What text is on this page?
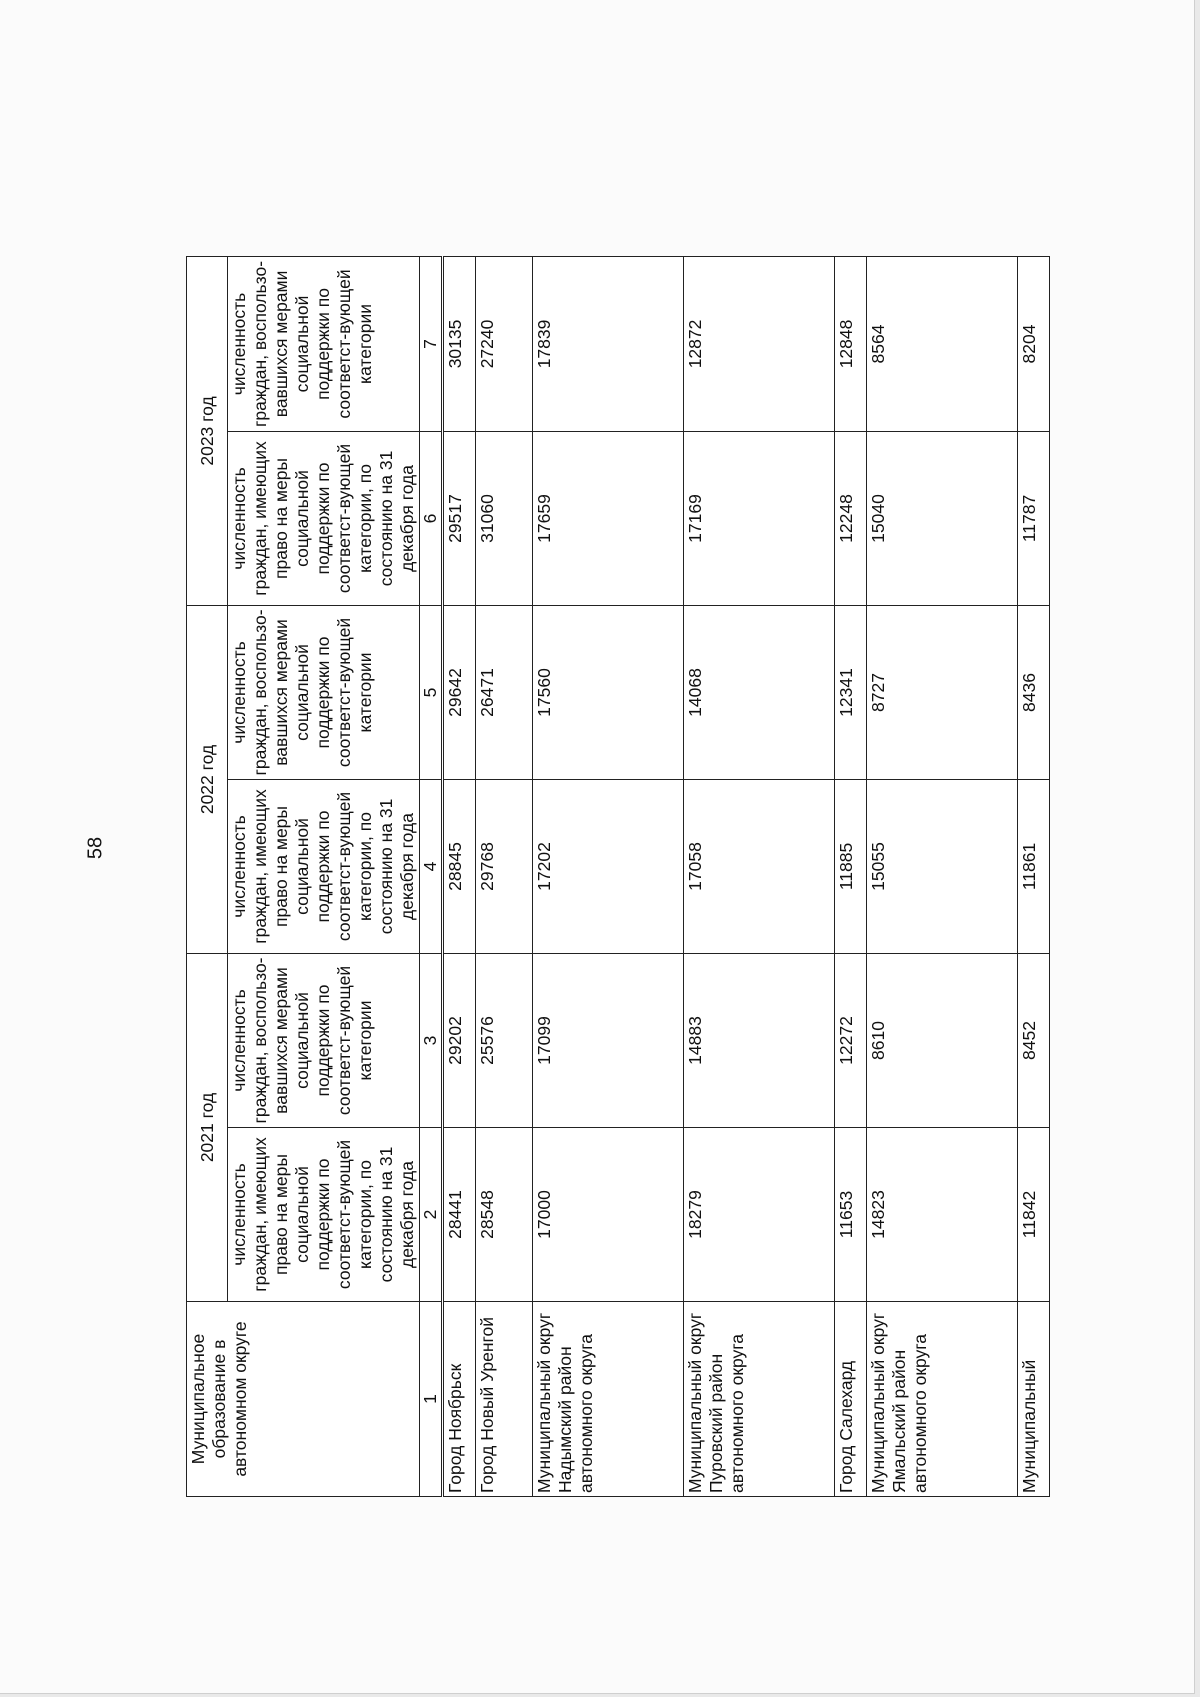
58
Муниципальное образование в автономном округе	2021 год		2022 год		2023 год	
	численность граждан, имеющих право на меры социальной поддержки по соответст-вующей категории, по состоянию на 31 декабря года	численность граждан, воспользо-вавшихся мерами социальной поддержки по соответст-вующей категории	численность граждан, имеющих право на меры социальной поддержки по соответст-вующей категории, по состоянию на 31 декабря года	численность граждан, воспользо-вавшихся мерами социальной поддержки по соответст-вующей категории	численность граждан, имеющих право на меры социальной поддержки по соответст-вующей категории, по состоянию на 31 декабря года	численность граждан, воспользо-вавшихся мерами социальной поддержки по соответст-вующей категории
1	2	3	4	5	6	7
Город Ноябрьск	28441	29202	28845	29642	29517	30135
Город Новый Уренгой	28548	25576	29768	26471	31060	27240
Муниципальный округ Надымский район автономного округа	17000	17099	17202	17560	17659	17839
Муниципальный округ Пуровский район автономного округа	18279	14883	17058	14068	17169	12872
Город Салехард	11653	12272	11885	12341	12248	12848
Муниципальный округ Ямальский район автономного округа	14823	8610	15055	8727	15040	8564
Муниципальный	11842	8452	11861	8436	11787	8204
